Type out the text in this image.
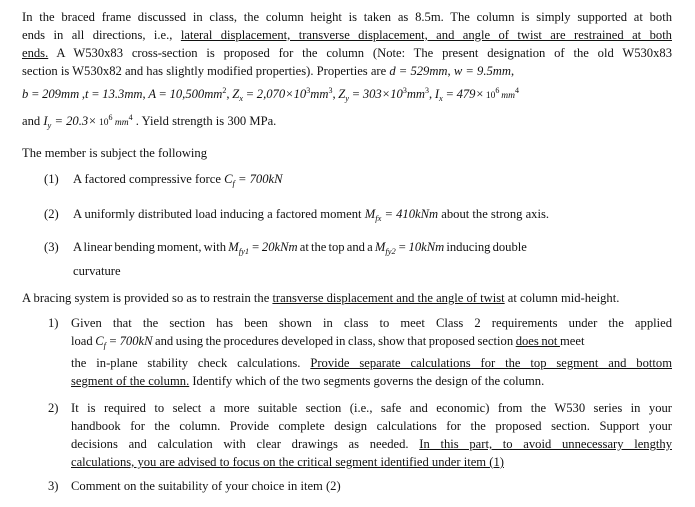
In the braced frame discussed in class, the column height is taken as 8.5m. The column is simply supported at both

ends in all directions, i.e., lateral displacement, transverse displacement, and angle of twist are restrained at both

ends. A W530x83 cross-section is proposed for the column (Note: The present designation of the old W530x83

section is W530x82 and has slightly modified properties). Properties are d = 529mm, w = 9.5mm,

b = 209mm ,t = 13.3mm, $A = 10,500mm^2$, $Z_x = 2,070\times 10^3mm^3$, $Z_y = 303\times 10^3mm^3$, $I_x = 479\times 10^6$ $mm^4$

and $I_y = 20.3\times 10^6$ $mm^4$ . Yield strength is 300 MPa.

The member is subject the following

(1) A factored compressive force $C_f = 700kN$

(2) A uniformly distributed load inducing a factored moment $M_{fx} = 410kNm$ about the strong axis.

(3) A linear bending moment, with $M_{fy1} = 20kNm$ at the top and a $M_{fy2} = 10kNm$ inducing double

curvature

A bracing system is provided so as to restrain the transverse displacement and the angle of twist at column mid-height.

1) Given that the section has been shown in class to meet Class 2 requirements under the applied

load $C_f = 700kN$ and using the procedures developed in class, show that proposed section does not meet

the in-plane stability check calculations. Provide separate calculations for the top segment and bottom

segment of the column. Identify which of the two segments governs the design of the column.

2) It is required to select a more suitable section (i.e., safe and economic) from the W530 series in your

handbook for the column. Provide complete design calculations for the proposed section. Support your

decisions and calculation with clear drawings as needed. In this part, to avoid unnecessary lengthy

calculations, you are advised to focus on the critical segment identified under item (1)

3) Comment on the suitability of your choice in item (2)
